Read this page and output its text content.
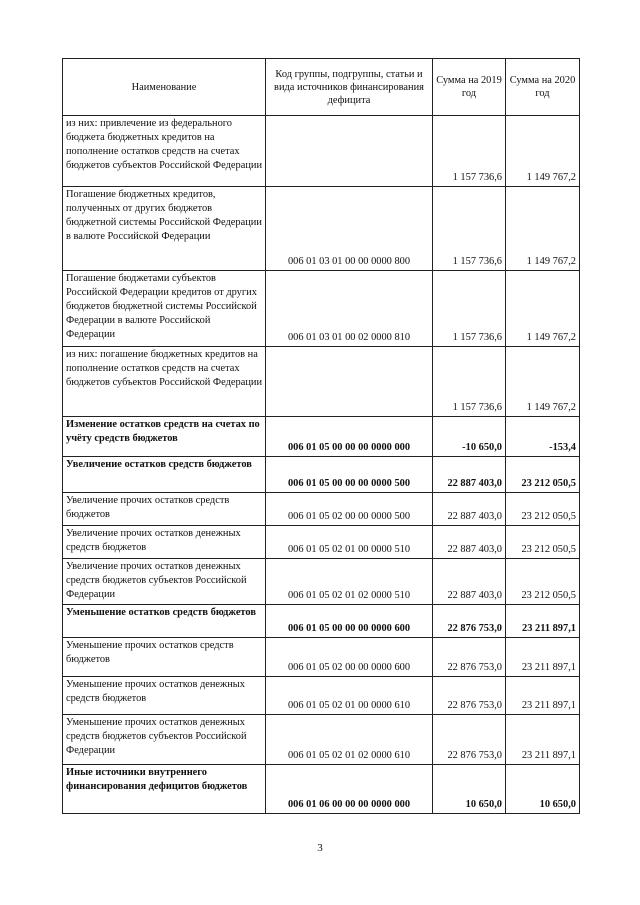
Наименование	Код группы, подгруппы, статьи и вида источников финансирования дефицита	Сумма на 2019 год	Сумма на 2020 год
из них: привлечение из федерального бюджета бюджетных кредитов на пополнение остатков средств на счетах бюджетов субъектов Российской Федерации		1 157 736,6	1 149 767,2
Погашение бюджетных кредитов, полученных от других бюджетов бюджетной системы Российской Федерации в валюте Российской Федерации	006 01 03 01 00 00 0000 800	1 157 736,6	1 149 767,2
Погашение бюджетами субъектов Российской Федерации кредитов от других бюджетов бюджетной системы Российской Федерации в валюте Российской Федерации	006 01 03 01 00 02 0000 810	1 157 736,6	1 149 767,2
из них: погашение бюджетных кредитов на пополнение остатков средств на счетах бюджетов субъектов Российской Федерации		1 157 736,6	1 149 767,2
Изменение остатков средств на счетах по учёту средств бюджетов	006 01 05 00 00 00 0000 000	-10 650,0	-153,4
Увеличение остатков средств бюджетов	006 01 05 00 00 00 0000 500	22 887 403,0	23 212 050,5
Увеличение прочих остатков средств бюджетов	006 01 05 02 00 00 0000 500	22 887 403,0	23 212 050,5
Увеличение прочих остатков денежных средств бюджетов	006 01 05 02 01 00 0000 510	22 887 403,0	23 212 050,5
Увеличение прочих остатков денежных средств бюджетов субъектов Российской Федерации	006 01 05 02 01 02 0000 510	22 887 403,0	23 212 050,5
Уменьшение остатков средств бюджетов	006 01 05 00 00 00 0000 600	22 876 753,0	23 211 897,1
Уменьшение прочих остатков средств бюджетов	006 01 05 02 00 00 0000 600	22 876 753,0	23 211 897,1
Уменьшение прочих остатков денежных средств бюджетов	006 01 05 02 01 00 0000 610	22 876 753,0	23 211 897,1
Уменьшение прочих остатков денежных средств бюджетов субъектов Российской Федерации	006 01 05 02 01 02 0000 610	22 876 753,0	23 211 897,1
Иные источники внутреннего финансирования дефицитов бюджетов	006 01 06 00 00 00 0000 000	10 650,0	10 650,0
3
